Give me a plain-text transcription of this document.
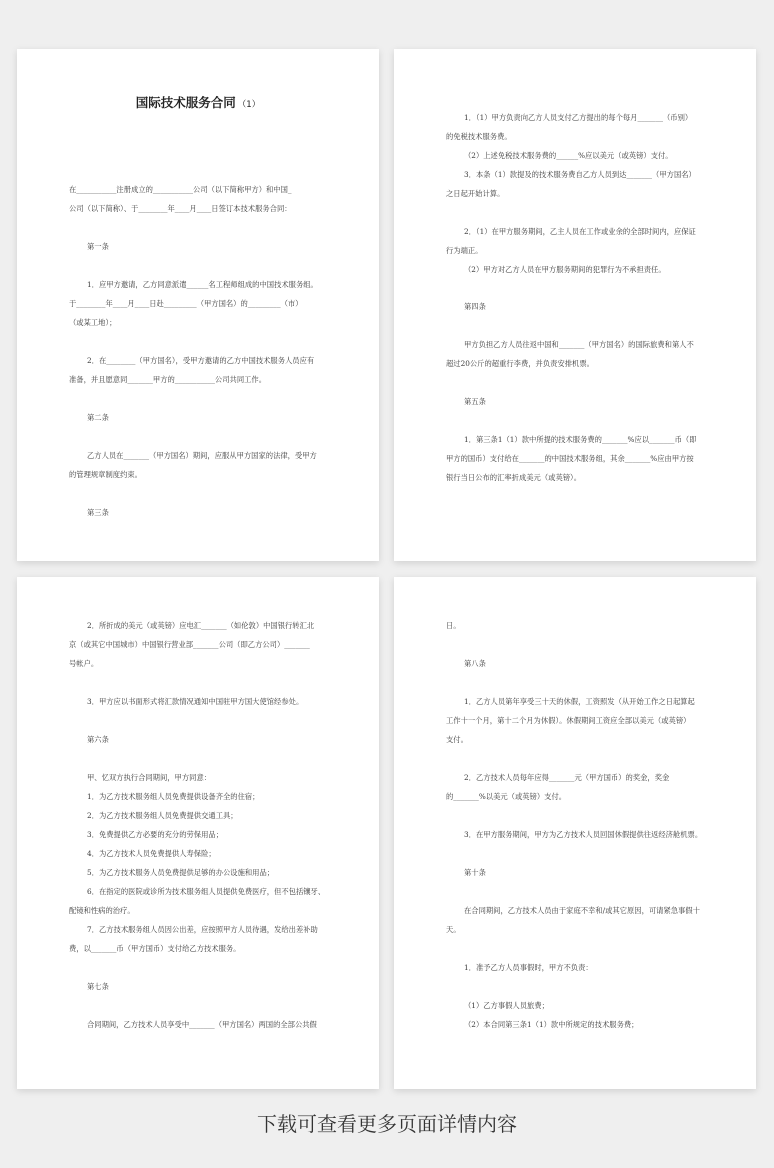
国际技术服务合同 （1）
在___________注册成立的___________公司（以下简称甲方）和中国_
公司（以下简称）、于________年____月____日签订本技术服务合同：
第一条
1．应甲方邀请，乙方同意派遣______名工程师组成的中国技术服务组。
于________年____月____日赴_________（甲方国名）的_________（市）
（或某工地）；
2．在________（甲方国名），受甲方邀请的乙方中国技术服务人员应有
准备，并且愿意同_______甲方的___________公司共同工作。
第二条
乙方人员在_______（甲方国名）期间，应服从甲方国家的法律，受甲方
的管理规章制度约束。
第三条
1．（1）甲方负责向乙方人员支付乙方提出的每个每月_______（币别）
的免税技术服务费。
（2）上述免税技术服务费的______%应以美元（或英镑）支付。
3．本条（1）款提及的技术服务费自乙方人员到达_______（甲方国名）
之日起开始计算。
2．（1）在甲方服务期间，乙主人员在工作或业余的全部时间内，应保证
行为端正。
（2）甲方对乙方人员在甲方服务期间的犯罪行为不承担责任。
第四条
甲方负担乙方人员往返中国和_______（甲方国名）的国际旅费和第人不
超过20公斤的超重行李费，并负责安排机票。
第五条
1．第三条1（1）款中所提的技术服务费的_______%应以_______币（即
甲方的国币）支付给在_______的中国技术服务组，其余_______%应由甲方按
银行当日公布的汇率折成美元（或英镑）。
2．所折成的美元（或英镑）应电汇_______（如伦敦）中国银行转汇北
京（或其它中国城市）中国银行营业部_______公司（即乙方公司）_______
号帐户。
3．甲方应以书面形式将汇款情况通知中国驻甲方国大使馆经参处。
第六条
甲、忆双方执行合同期间，甲方同意：
1．为乙方技术服务组人员免费提供设备齐全的住宿；
2．为乙方技术服务组人员免费提供交通工具；
3．免费提供乙方必要的充分的劳保用品；
4．为乙方技术人员免费提供人寿保险；
5．为乙方技术服务人员免费提供足够的办公设施和用品；
6．在指定的医院或诊所为技术服务组人员提供免费医疗，但不包括镶牙、
配镜和性病的治疗。
7．乙方技术服务组人员因公出差，应按照甲方人员待遇，发给出差补助
费，以_______币（甲方国币）支付给乙方技术服务。
第七条
合同期间，乙方技术人员享受中_______（甲方国名）两国的全部公共假
日。
第八条
1．乙方人员第年享受三十天的休假，工资照发（从开始工作之日起算起
工作十一个月，第十二个月为休假）。休假期间工资应全部以美元（或英镑）
支付。
2．乙方技术人员每年应得_______元（甲方国币）的奖金，奖金
的_______%以美元（或英镑）支付。
3．在甲方服务期间，甲方为乙方技术人员回国休假提供往返经济舱机票。
第十条
在合同期间，乙方技术人员由于家庭不幸和/或其它原因，可请紧急事假十
天。
1．准予乙方人员事假时，甲方不负责：
（1）乙方事假人员旅费；
（2）本合同第三条1（1）款中所规定的技术服务费；
下载可查看更多页面详情内容
